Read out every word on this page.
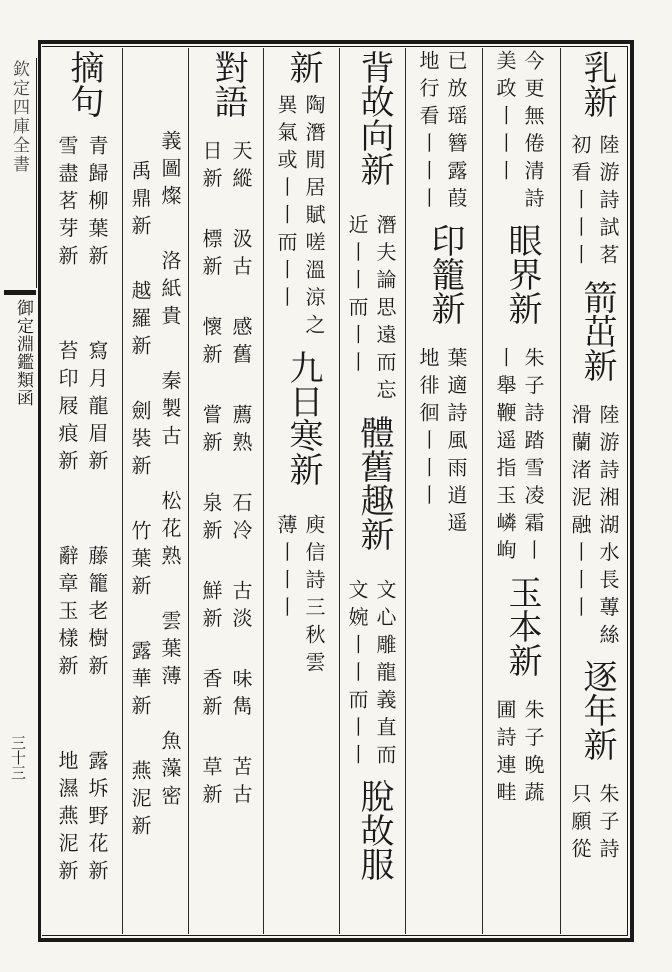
欽定四庫全書
御定淵鑑類函
三十三
乳新
陸游詩試茗
初看丨丨丨
箭茁新
陸游詩湘湖水長蓴絲
滑蘭渚泥融丨丨丨
逐年新
朱子詩
只願從
今更無倦清詩
美政丨丨丨
眼界新
朱子詩踏雪凌霜丨
丨舉鞭遥指玉嶙峋
玉本新
朱子晚蔬
圃詩連畦
已放瑶簪露葭
地行看丨丨丨
印籠新
葉適詩風雨逍遥
地徘徊丨丨丨
背故向新
潛夫論思遠而忘
近丨丨而丨丨
體舊趣新
文心雕龍義直而
文婉丨丨而丨丨
脫故服
新
陶潛閒居賦嗟溫涼之
異氣或丨丨而丨丨
九日寒新
庾信詩三秋雲
薄丨丨丨
對語
天縱
日新
汲古
標新
感舊
懷新
薦熟
嘗新
石冷
泉新
古淡
鮮新
味雋
香新
苫古
草新
義圖燦
禹鼎新
洛紙貴
越羅新
秦製古
劍裝新
松花熟
竹葉新
雲葉薄
露華新
魚藻密
燕泥新
摘句
青歸柳葉新
雪盡茗芽新
寫月龍眉新
苔印屐痕新
藤籠老樹新
辭章玉樣新
露坼野花新
地濕燕泥新
